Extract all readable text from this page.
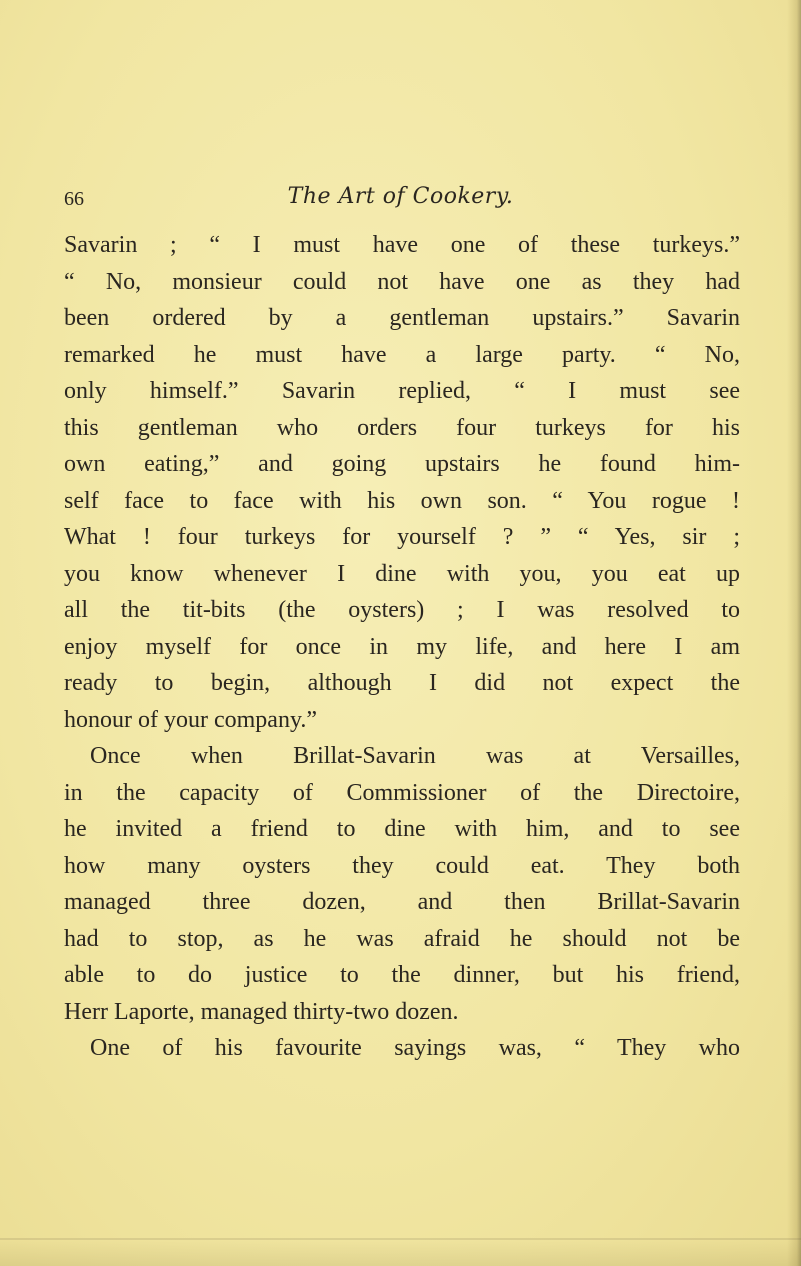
66	The Art of Cookery.
Savarin ; “ I must have one of these turkeys.”
“ No, monsieur could not have one as they had
been ordered by a gentleman upstairs.” Savarin
remarked he must have a large party. “ No,
only himself.” Savarin replied, “ I must see
this gentleman who orders four turkeys for his
own eating,” and going upstairs he found him-
self face to face with his own son. “ You rogue !
What ! four turkeys for yourself ? ” “ Yes, sir ;
you know whenever I dine with you, you eat up
all the tit-bits (the oysters) ; I was resolved to
enjoy myself for once in my life, and here I am
ready to begin, although I did not expect the
honour of your company.”
Once when Brillat-Savarin was at Versailles,
in the capacity of Commissioner of the Directoire,
he invited a friend to dine with him, and to see
how many oysters they could eat. They both
managed three dozen, and then Brillat-Savarin
had to stop, as he was afraid he should not be
able to do justice to the dinner, but his friend,
Herr Laporte, managed thirty-two dozen.
One of his favourite sayings was, “ They who
